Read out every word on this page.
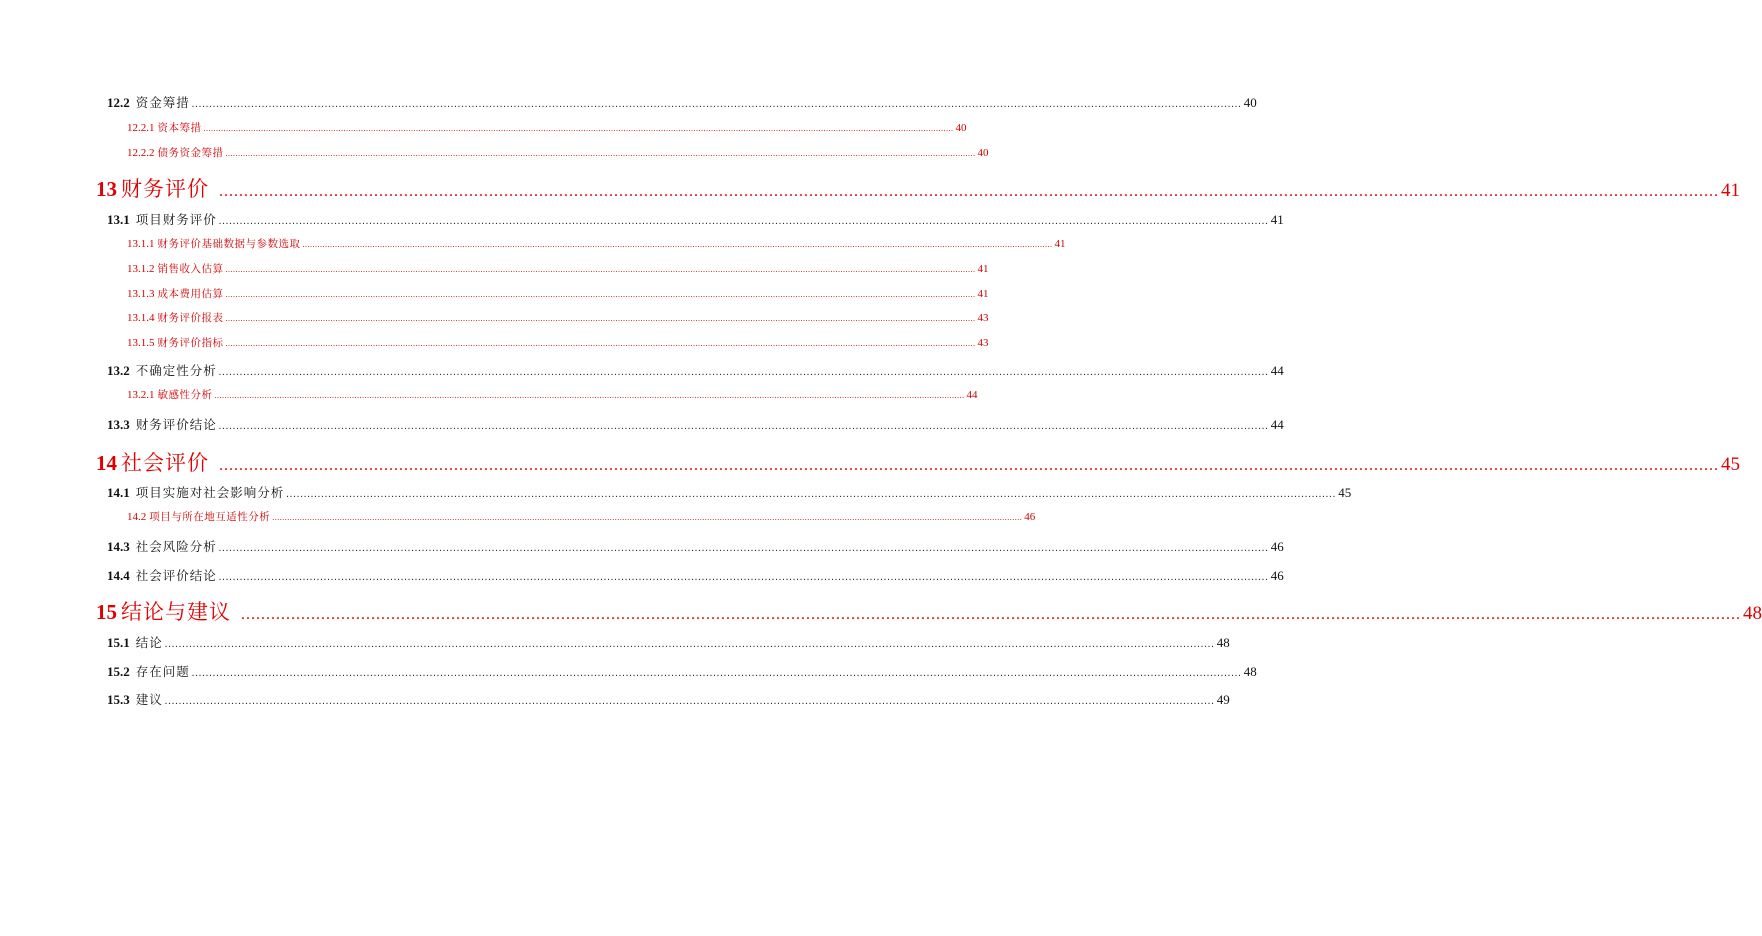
12.2 资金筹措 ............................................................................................................................................................................................................................................................................................................ 40
12.2.1 资本筹措 ............................................................................................................................................................................................................................................................................................................ 40
12.2.2 债务资金筹措 ............................................................................................................................................................................................................................................................................................................ 40
13 财务评价 ............................................................................................................................................................................................................................................................................................................ 41
13.1 项目财务评价 ............................................................................................................................................................................................................................................................................................................ 41
13.1.1 财务评价基础数据与参数选取 ............................................................................................................................................................................................................................................................................................................ 41
13.1.2 销售收入估算 ............................................................................................................................................................................................................................................................................................................ 41
13.1.3 成本费用估算 ............................................................................................................................................................................................................................................................................................................ 41
13.1.4 财务评价报表 ............................................................................................................................................................................................................................................................................................................ 43
13.1.5 财务评价指标 ............................................................................................................................................................................................................................................................................................................ 43
13.2 不确定性分析 ............................................................................................................................................................................................................................................................................................................ 44
13.2.1 敏感性分析 ............................................................................................................................................................................................................................................................................................................ 44
13.3 财务评价结论 ............................................................................................................................................................................................................................................................................................................ 44
14 社会评价 ............................................................................................................................................................................................................................................................................................................ 45
14.1 项目实施对社会影响分析 ............................................................................................................................................................................................................................................................................................................ 45
14.2 项目与所在地互适性分析 ............................................................................................................................................................................................................................................................................................................ 46
14.3 社会风险分析 ............................................................................................................................................................................................................................................................................................................ 46
14.4 社会评价结论 ............................................................................................................................................................................................................................................................................................................ 46
15 结论与建议 ............................................................................................................................................................................................................................................................................................................ 48
15.1 结论 ............................................................................................................................................................................................................................................................................................................ 48
15.2 存在问题 ............................................................................................................................................................................................................................................................................................................ 48
15.3 建议 ............................................................................................................................................................................................................................................................................................................ 49
